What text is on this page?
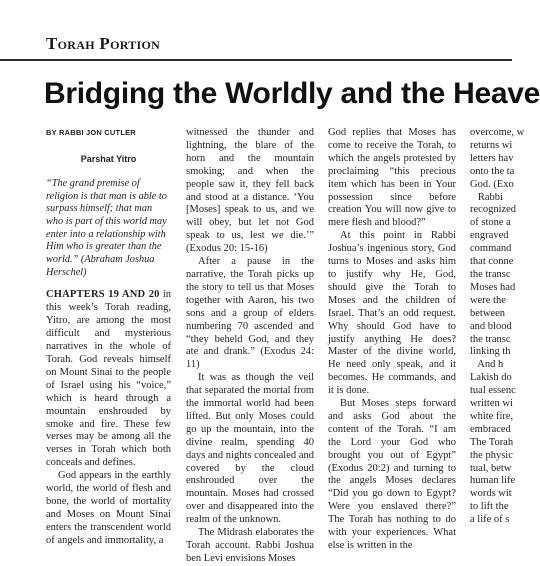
Torah Portion
Bridging the Worldly and the Heave

BY RABBI JON CUTLER

Parshat Yitro

“The grand premise of religion is that man is able to surpass himself; that man who is part of this world may enter into a relationship with Him who is greater than the world.” (Abraham Joshua Herschel)

CHAPTERS 19 AND 20 in this week’s Torah reading, Yitro, are among the most difficult and mysterious narratives in the whole of Torah. God reveals himself on Mount Sinai to the people of Israel using his “voice,” which is heard through a mountain enshrouded by smoke and fire. These few verses may be among all the verses in Torah which both conceals and defines.

God appears in the earthly world, the world of flesh and bone, the world of mortality and Moses on Mount Sinai enters the transcendent world of angels and immortality, a

witnessed the thunder and lightning, the blare of the horn and the mountain smoking; and when the people saw it, they fell back and stood at a distance. ‘You [Moses] speak to us, and we will obey, but let not God speak to us, lest we die.’” (Exodus 20: 15-16)

After a pause in the narrative, the Torah picks up the story to tell us that Moses together with Aaron, his two sons and a group of elders numbering 70 ascended and “they beheld God, and they ate and drank.” (Exodus 24: 11)

It was as though the veil that separated the mortal from the immortal world had been lifted. But only Moses could go up the mountain, into the divine realm, spending 40 days and nights concealed and covered by the cloud enshrouded over the mountain. Moses had crossed over and disappeared into the realm of the unknown.

The Midrash elaborates the Torah account. Rabbi Joshua ben Levi envisions Moses

God replies that Moses has come to receive the Torah, to which the angels protested by proclaiming “this precious item which has been in Your possession since before creation You will now give to mere flesh and blood?”

At this point in Rabbi Joshua’s ingenious story, God turns to Moses and asks him to justify why He, God, should give the Torah to Moses and the children of Israel. That’s an odd request. Why should God have to justify anything He does? Master of the divine world, He need only speak, and it becomes. He commands, and it is done.

But Moses steps forward and asks God about the content of the Torah. “I am the Lord your God who brought you out of Egypt” (Exodus 20:2) and turning to the angels Moses declares “Did you go down to Egypt? Were you enslaved there?” The Torah has nothing to do with your experiences. What else is written in the

overcome, w
returns wi
letters hav
onto the ta
God. (Exo
Rabbi
recognized
of stone a
engraved
command
that conne
the transc
Moses had
were the
between
and blood
the transc
linking th
And h
Lakish do
tual essenc
written wi
white fire,
embraced
The Torah
the physic
tual, betw
human life
words wit
to lift the
a life of s
